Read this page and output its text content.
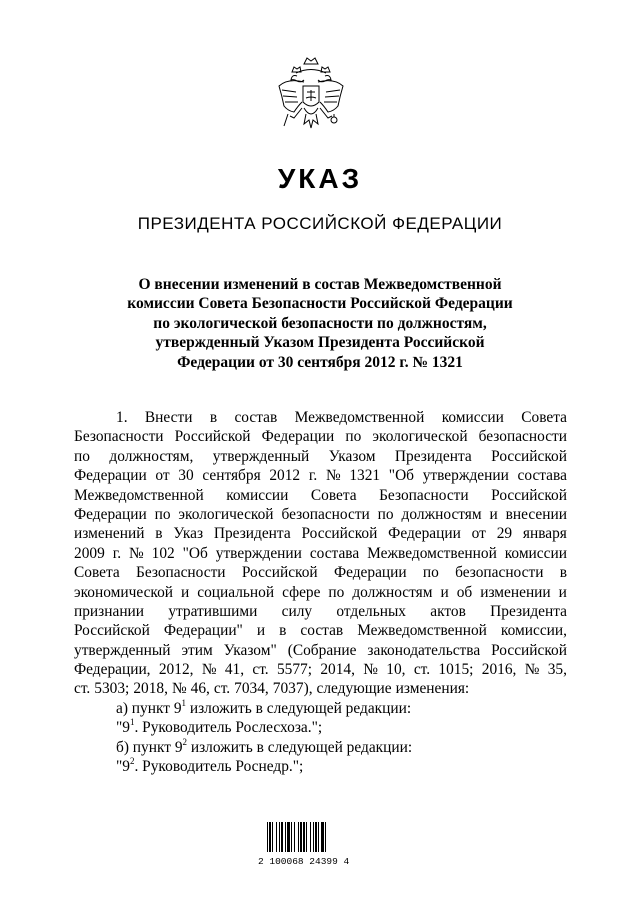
УКАЗ
ПРЕЗИДЕНТА РОССИЙСКОЙ ФЕДЕРАЦИИ
О внесении изменений в состав Межведомственной
комиссии Совета Безопасности Российской Федерации
по экологической безопасности по должностям,
утвержденный Указом Президента Российской
Федерации от 30 сентября 2012 г. № 1321
1. Внести в состав Межведомственной комиссии Совета
Безопасности Российской Федерации по экологической безопасности
по должностям, утвержденный Указом Президента Российской
Федерации от 30 сентября 2012 г. № 1321 "Об утверждении состава
Межведомственной комиссии Совета Безопасности Российской
Федерации по экологической безопасности по должностям и внесении
изменений в Указ Президента Российской Федерации от 29 января
2009 г. № 102 "Об утверждении состава Межведомственной комиссии
Совета Безопасности Российской Федерации по безопасности в
экономической и социальной сфере по должностям и об изменении и
признании утратившими силу отдельных актов Президента
Российской Федерации" и в состав Межведомственной комиссии,
утвержденный этим Указом" (Собрание законодательства Российской
Федерации, 2012, № 41, ст. 5577; 2014, № 10, ст. 1015; 2016, № 35,
ст. 5303; 2018, № 46, ст. 7034, 7037), следующие изменения:
а) пункт $9^1$ изложить в следующей редакции:
"$9^1$. Руководитель Рослесхоза.";
б) пункт $9^2$ изложить в следующей редакции:
"$9^2$. Руководитель Роснедр.";
2 100068 24399 4
